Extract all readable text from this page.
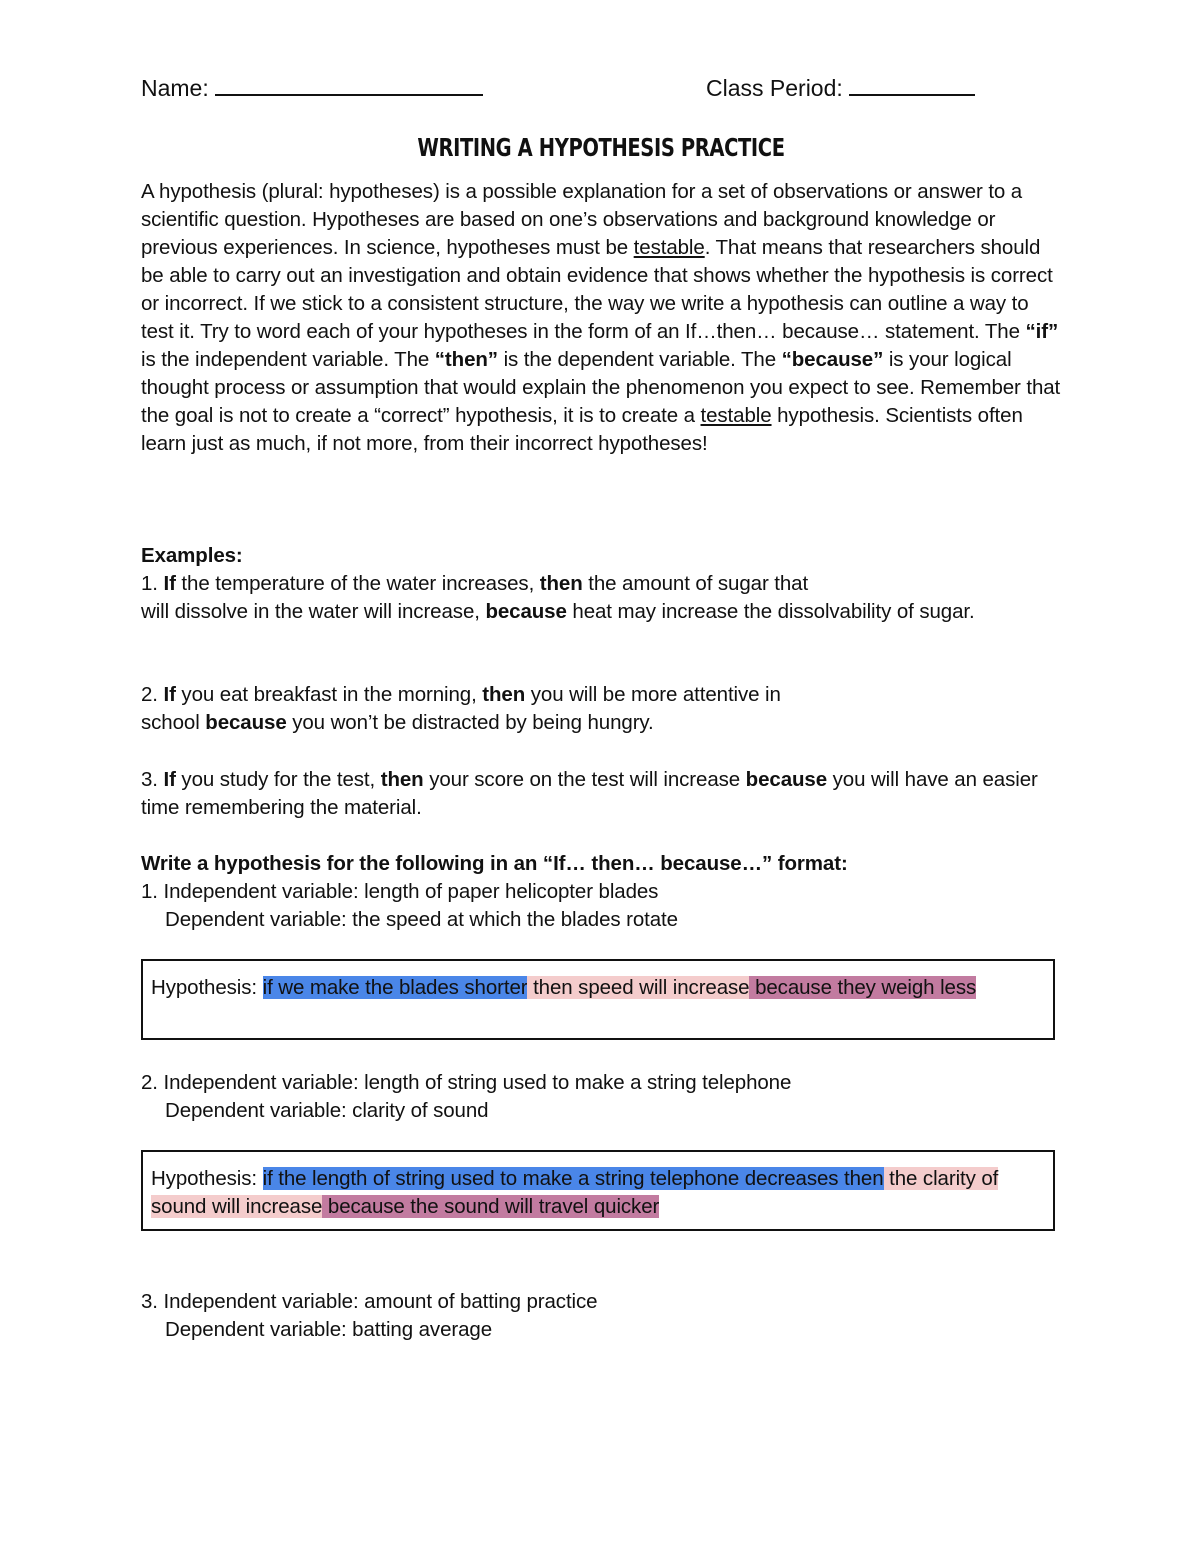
Name:	Class Period:
WRITING A HYPOTHESIS PRACTICE
A hypothesis (plural: hypotheses) is a possible explanation for a set of observations or answer to a scientific question. Hypotheses are based on one’s observations and background knowledge or previous experiences. In science, hypotheses must be testable. That means that researchers should be able to carry out an investigation and obtain evidence that shows whether the hypothesis is correct or incorrect. If we stick to a consistent structure, the way we write a hypothesis can outline a way to test it. Try to word each of your hypotheses in the form of an If…then… because… statement. The “if” is the independent variable. The “then” is the dependent variable. The “because” is your logical thought process or assumption that would explain the phenomenon you expect to see. Remember that the goal is not to create a “correct” hypothesis, it is to create a testable hypothesis. Scientists often learn just as much, if not more, from their incorrect hypotheses!
Examples:
1. If the temperature of the water increases, then the amount of sugar that
will dissolve in the water will increase, because heat may increase the dissolvability of sugar.
2. If you eat breakfast in the morning, then you will be more attentive in
school because you won’t be distracted by being hungry.
3. If you study for the test, then your score on the test will increase because you will have an easier time remembering the material.
Write a hypothesis for the following in an “If… then… because…” format:
1. Independent variable: length of paper helicopter blades
Dependent variable: the speed at which the blades rotate
Hypothesis: if we make the blades shorter then speed will increase because they weigh less
2. Independent variable: length of string used to make a string telephone
Dependent variable: clarity of sound
Hypothesis: if the length of string used to make a string telephone decreases then the clarity of sound will increase because the sound will travel quicker
3. Independent variable: amount of batting practice
Dependent variable: batting average
